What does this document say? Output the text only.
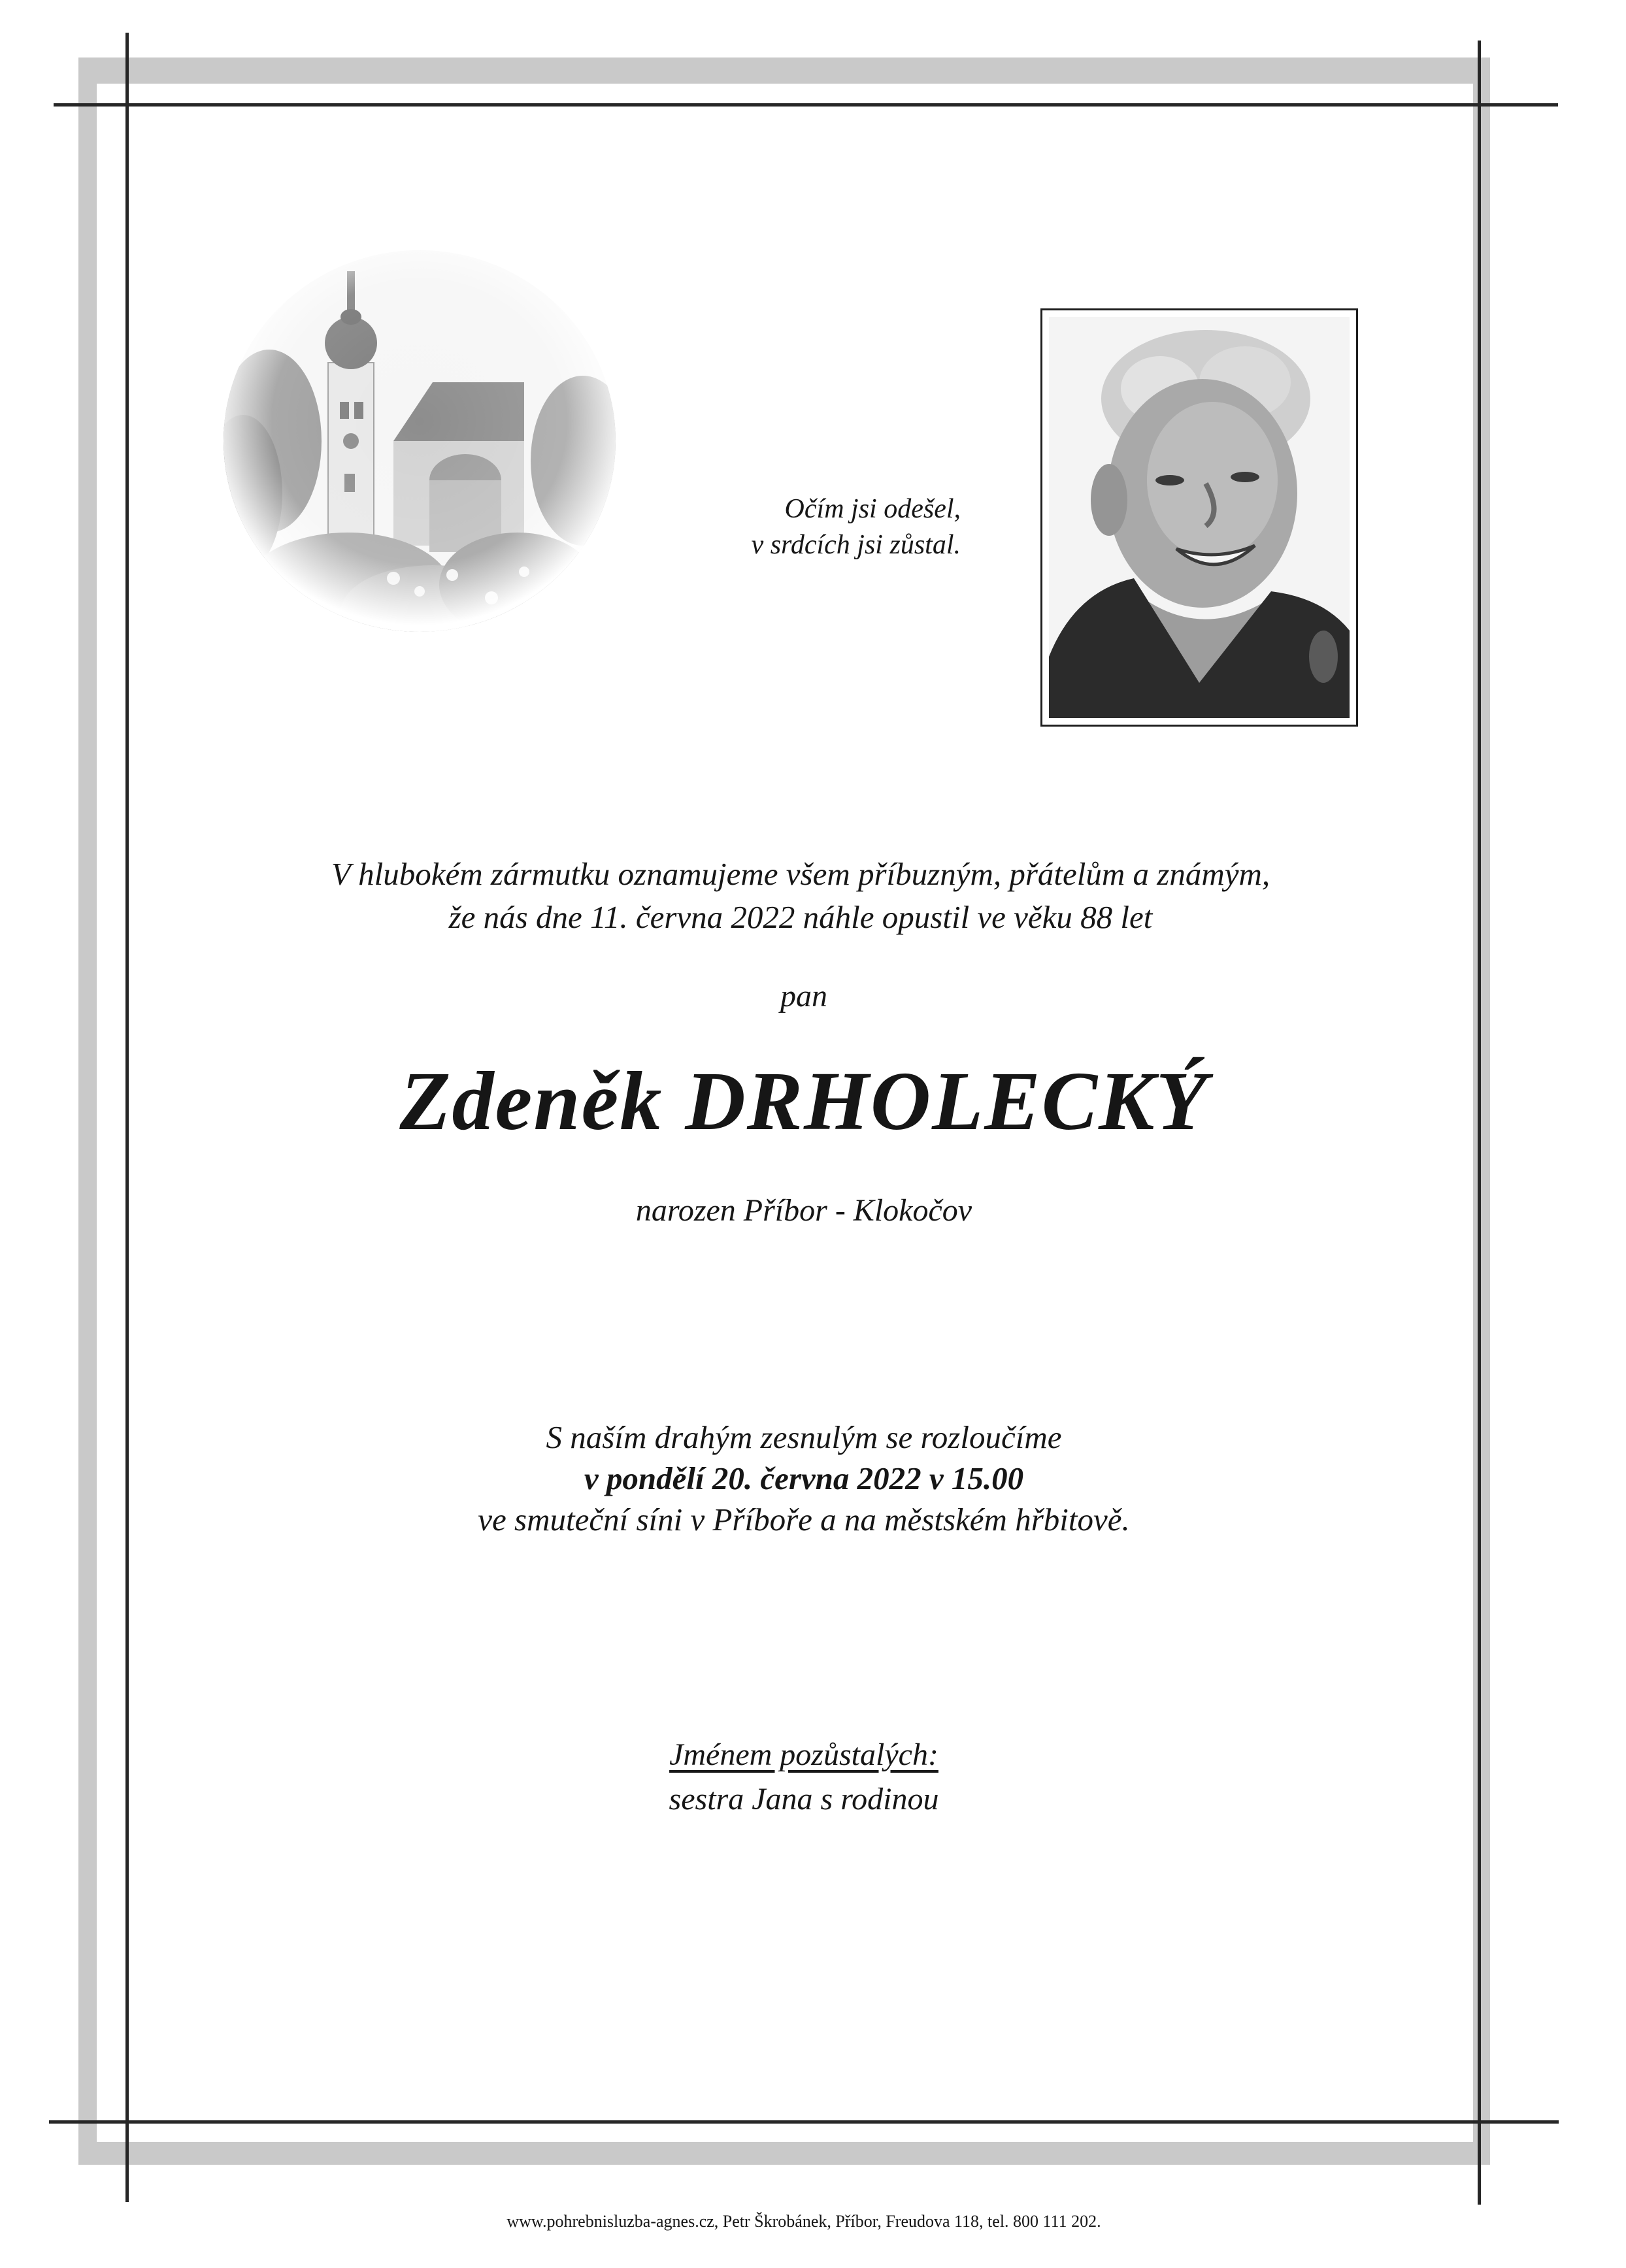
Očím jsi odešel,
v srdcích jsi zůstal.
V hlubokém zármutku oznamujeme všem příbuzným, přátelům a známým,
že nás dne 11. června 2022 náhle opustil ve věku 88 let
pan
Zdeněk DRHOLECKÝ
narozen Příbor - Klokočov
S naším drahým zesnulým se rozloučíme
v pondělí 20. června 2022 v 15.00
ve smuteční síni v Příboře a na městském hřbitově.
Jménem pozůstalých:
sestra Jana s rodinou
www.pohrebnisluzba-agnes.cz, Petr Škrobánek, Příbor, Freudova 118, tel. 800 111 202.
